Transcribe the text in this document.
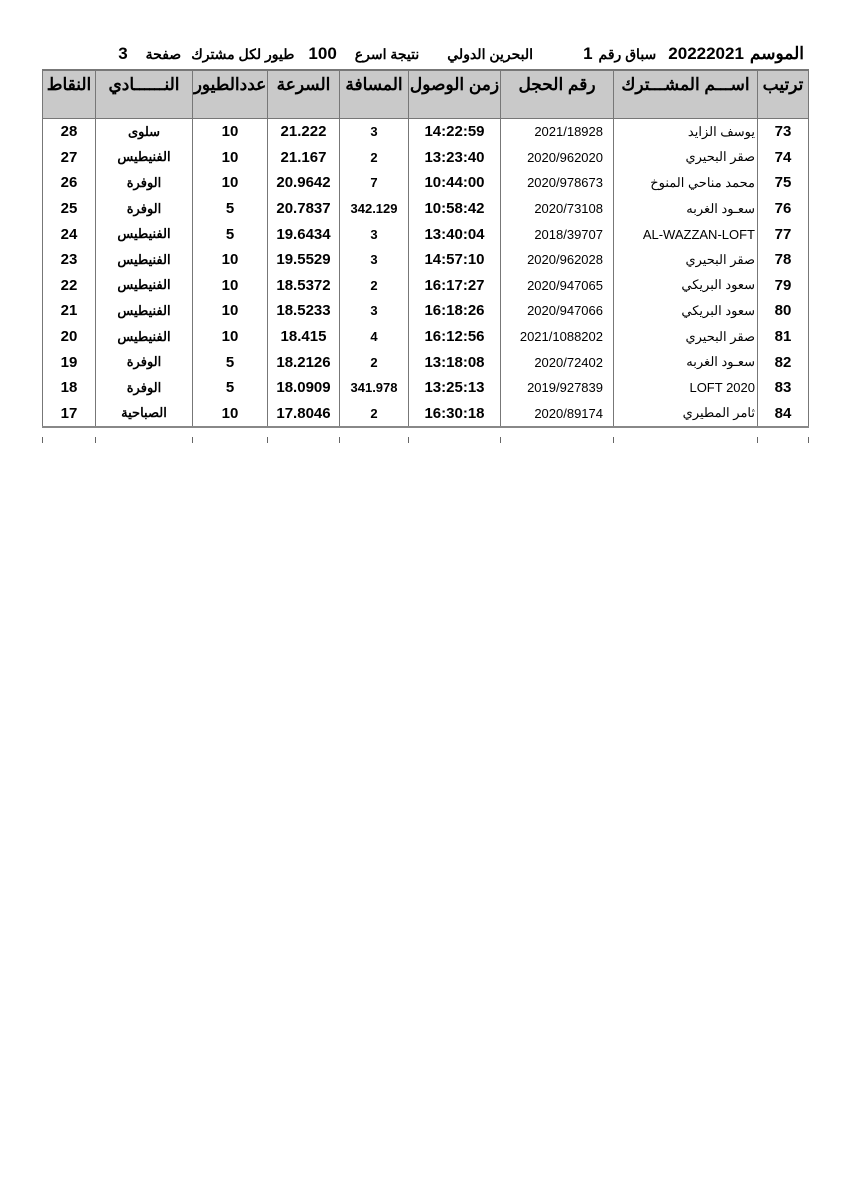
الموسم
20222021
سباق رقم
1
البحرين الدولي
نتيجة اسرع
100
طيور لكل مشترك
صفحة
3
ترتيب	اســـم المشـــترك	رقم الحجل	زمن الوصول	المسافة	السرعة	عددالطيور	النــــــادي	النقاط
73	يوسف الزايد	2021/18928	14:22:59	3	21.222	10	سلوى	28
74	صقر البحيري	2020/962020	13:23:40	2	21.167	10	الفنيطيس	27
75	محمد مناحي المنوخ	2020/978673	10:44:00	7	20.9642	10	الوفرة	26
76	سعـود الغربه	2020/73108	10:58:42	342.129	20.7837	5	الوفرة	25
77	AL-WAZZAN-LOFT	2018/39707	13:40:04	3	19.6434	5	الفنيطيس	24
78	صقر البحيري	2020/962028	14:57:10	3	19.5529	10	الفنيطيس	23
79	سعود البريكي	2020/947065	16:17:27	2	18.5372	10	الفنيطيس	22
80	سعود البريكي	2020/947066	16:18:26	3	18.5233	10	الفنيطيس	21
81	صقر البحيري	2021/1088202	16:12:56	4	18.415	10	الفنيطيس	20
82	سعـود الغربه	2020/72402	13:18:08	2	18.2126	5	الوفرة	19
83	LOFT 2020	2019/927839	13:25:13	341.978	18.0909	5	الوفرة	18
84	ثامر المطيري	2020/89174	16:30:18	2	17.8046	10	الصباحية	17
